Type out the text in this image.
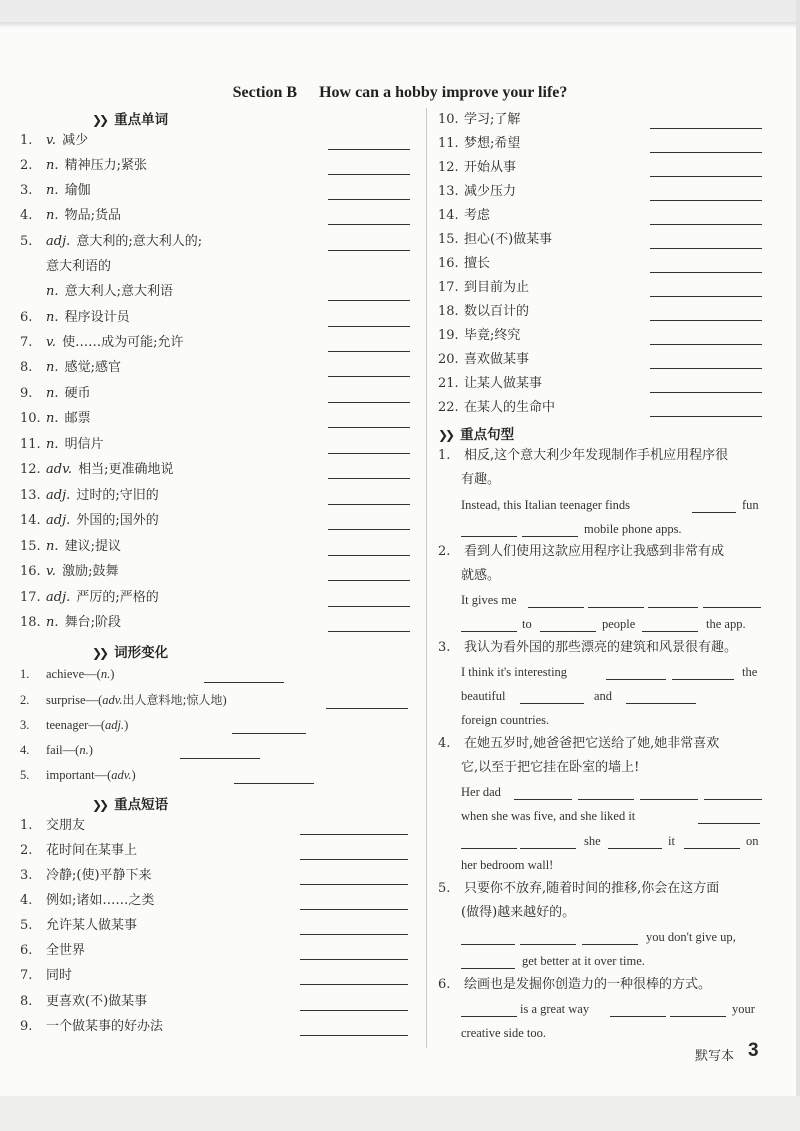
Section B How can a hobby improve your life?
❯❯ 重点单词
1. v. 减少
2. n. 精神压力;紧张
3. n. 瑜伽
4. n. 物品;货品
5. adj. 意大利的;意大利人的;
意大利语的
n. 意大利人;意大利语
6. n. 程序设计员
7. v. 使……成为可能;允许
8. n. 感觉;感官
9. n. 硬币
10. n. 邮票
11. n. 明信片
12. adv. 相当;更准确地说
13. adj. 过时的;守旧的
14. adj. 外国的;国外的
15. n. 建议;提议
16. v. 激励;鼓舞
17. adj. 严厉的;严格的
18. n. 舞台;阶段
❯❯ 词形变化
1. achieve—(n.)
2. surprise—(adv.出人意料地;惊人地)
3. teenager—(adj.)
4. fail—(n.)
5. important—(adv.)
❯❯ 重点短语
1. 交朋友
2. 花时间在某事上
3. 冷静;(使)平静下来
4. 例如;诸如……之类
5. 允许某人做某事
6. 全世界
7. 同时
8. 更喜欢(不)做某事
9. 一个做某事的好办法
10. 学习;了解
11. 梦想;希望
12. 开始从事
13. 减少压力
14. 考虑
15. 担心(不)做某事
16. 擅长
17. 到目前为止
18. 数以百计的
19. 毕竟;终究
20. 喜欢做某事
21. 让某人做某事
22. 在某人的生命中
❯❯ 重点句型
1. 相反,这个意大利少年发现制作手机应用程序很
有趣。
Instead, this Italian teenager finds	fun
mobile phone apps.
2. 看到人们使用这款应用程序让我感到非常有成
就感。
It gives me
to	people	the app.
3. 我认为看外国的那些漂亮的建筑和风景很有趣。
I think it's interesting	the
beautiful	and
foreign countries.
4. 在她五岁时,她爸爸把它送给了她,她非常喜欢
它,以至于把它挂在卧室的墙上!
Her dad
when she was five, and she liked it
she	it	on
her bedroom wall!
5. 只要你不放弃,随着时间的推移,你会在这方面
(做得)越来越好的。
you don't give up,
get better at it over time.
6. 绘画也是发掘你创造力的一种很棒的方式。
is a great way	your
creative side too.
默写本 3
